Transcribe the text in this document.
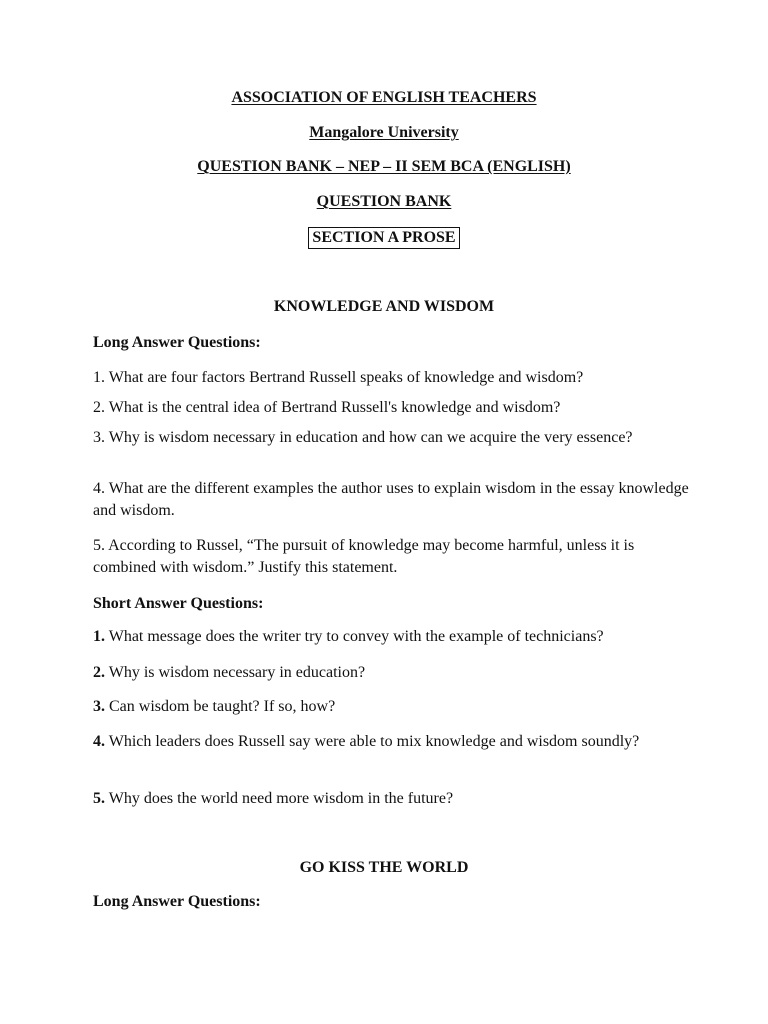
ASSOCIATION OF ENGLISH TEACHERS
Mangalore University
QUESTION BANK – NEP – II SEM BCA (ENGLISH)
QUESTION BANK
SECTION A PROSE
KNOWLEDGE AND WISDOM
Long Answer Questions:
1. What are four factors Bertrand Russell speaks of knowledge and wisdom?
2. What is the central idea of Bertrand Russell's knowledge and wisdom?
3. Why is wisdom necessary in education and how can we acquire the very essence?
4. What are the different examples the author uses to explain wisdom in the essay knowledge and wisdom.
5. According to Russel, “The pursuit of knowledge may become harmful, unless it is combined with wisdom.” Justify this statement.
Short Answer Questions:
1. What message does the writer try to convey with the example of technicians?
2. Why is wisdom necessary in education?
3. Can wisdom be taught? If so, how?
4. Which leaders does Russell say were able to mix knowledge and wisdom soundly?
5. Why does the world need more wisdom in the future?
GO KISS THE WORLD
Long Answer Questions:
